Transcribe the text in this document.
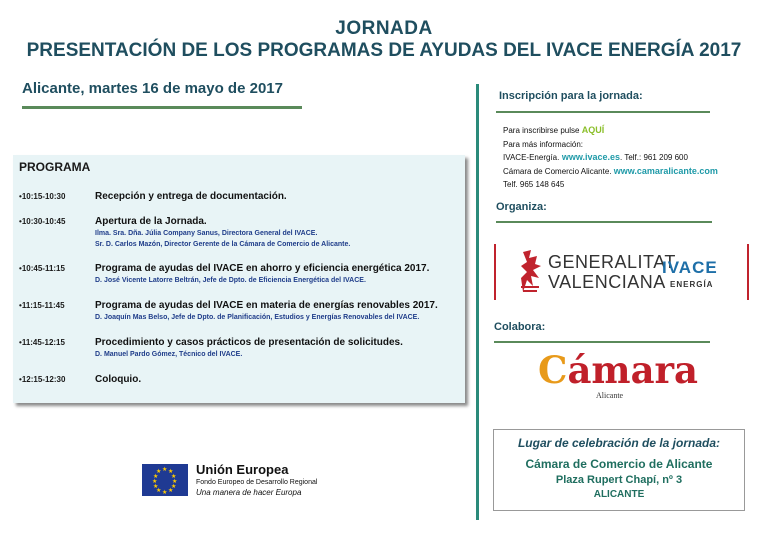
JORNADA
PRESENTACIÓN DE LOS PROGRAMAS DE AYUDAS DEL IVACE ENERGÍA 2017
Alicante, martes 16 de mayo de 2017
PROGRAMA
• 10:15-10:30	Recepción y entrega de documentación.
• 10:30-10:45	Apertura de la Jornada.
Ilma. Sra. Dña. Júlia Company Sanus, Directora General del IVACE.
Sr. D. Carlos Mazón, Director Gerente de la Cámara de Comercio de Alicante.
• 10:45-11:15	Programa de ayudas del IVACE en ahorro y eficiencia energética 2017.
D. José Vicente Latorre Beltrán, Jefe de Dpto. de Eficiencia Energética del IVACE.
• 11:15-11:45	Programa de ayudas del IVACE en materia de energías renovables 2017.
D. Joaquín Mas Belso, Jefe de Dpto. de Planificación, Estudios y Energías Renovables del IVACE.
• 11:45-12:15	Procedimiento y casos prácticos de presentación de solicitudes.
D. Manuel Pardo Gómez, Técnico del IVACE.
• 12:15-12:30	Coloquio.
★ ★
★
★
★
★
★
★
★
★
★
★	Unión Europea
Fondo Europeo de Desarrollo Regional
Una manera de hacer Europa
Inscripción para la jornada:
Para inscribirse pulse AQUÍ
Para más información:
IVACE-Energía. www.ivace.es. Telf.: 961 209 600
Cámara de Comercio Alicante. www.camaralicante.com
Telf. 965 148 645
Organiza:
GENERALITAT
VALENCIANA
IVACE
ENERGÍA
Colabora:
Cámara
Alicante
Lugar de celebración de la jornada:
Cámara de Comercio de Alicante
Plaza Rupert Chapí, nº 3
ALICANTE
